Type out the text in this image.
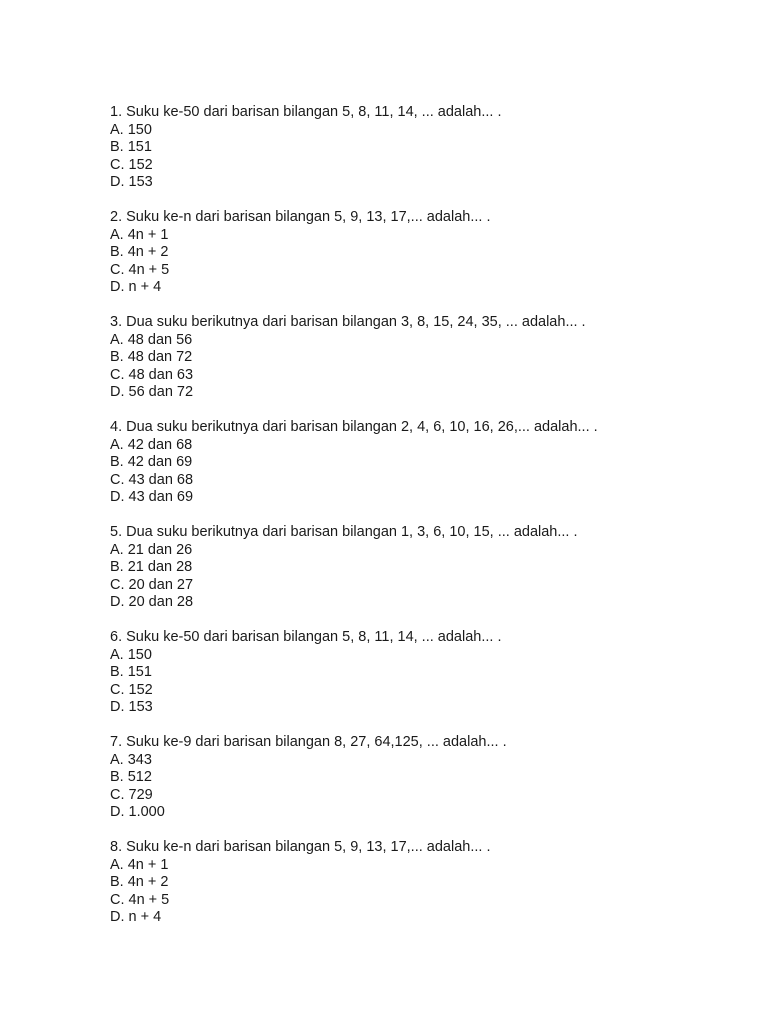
1. Suku ke-50 dari barisan bilangan 5, 8, 11, 14, ... adalah... .
A. 150
B. 151
C. 152
D. 153
2. Suku ke-n dari barisan bilangan 5, 9, 13, 17,... adalah... .
A. 4n + 1
B. 4n + 2
C. 4n + 5
D. n + 4
3. Dua suku berikutnya dari barisan bilangan 3, 8, 15, 24, 35, ... adalah... .
A. 48 dan 56
B. 48 dan 72
C. 48 dan 63
D. 56 dan 72
4. Dua suku berikutnya dari barisan bilangan 2, 4, 6, 10, 16, 26,... adalah... .
A. 42 dan 68
B. 42 dan 69
C. 43 dan 68
D. 43 dan 69
5. Dua suku berikutnya dari barisan bilangan 1, 3, 6, 10, 15, ... adalah... .
A. 21 dan 26
B. 21 dan 28
C. 20 dan 27
D. 20 dan 28
6. Suku ke-50 dari barisan bilangan 5, 8, 11, 14, ... adalah... .
A. 150
B. 151
C. 152
D. 153
7. Suku ke-9 dari barisan bilangan 8, 27, 64,125, ... adalah... .
A. 343
B. 512
C. 729
D. 1.000
8. Suku ke-n dari barisan bilangan 5, 9, 13, 17,... adalah... .
A. 4n + 1
B. 4n + 2
C. 4n + 5
D. n + 4
